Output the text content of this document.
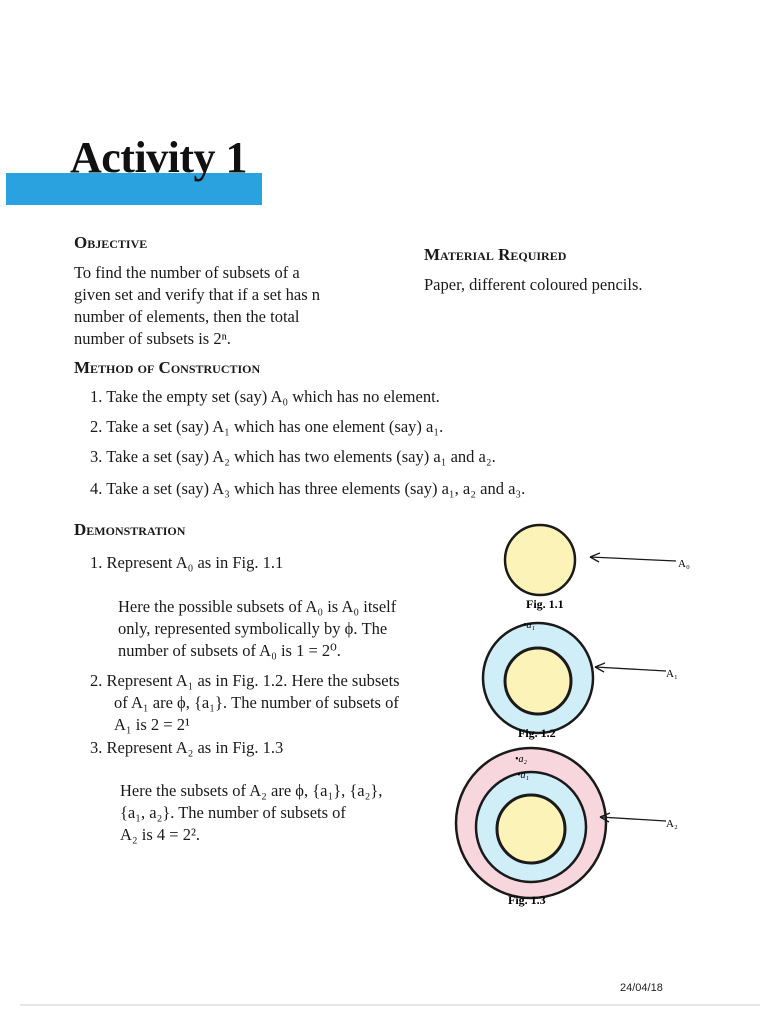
Activity 1
Objective
To find the number of subsets of a
given set and verify that if a set has n
number of elements, then the total
number of subsets is 2ⁿ.
Material Required
Paper, different coloured pencils.
Method of Construction
1. Take the empty set (say) A₀ which has no element.
2. Take a set (say) A₁ which has one element (say) a₁.
3. Take a set (say) A₂ which has two elements (say) a₁ and a₂.
4. Take a set (say) A₃ which has three elements (say) a₁, a₂ and a₃.
Demonstration
1. Represent A₀ as in Fig. 1.1
Here the possible subsets of A₀ is A₀ itself
only, represented symbolically by ϕ. The
number of subsets of A₀ is 1 = 2⁰.
2. Represent A₁ as in Fig. 1.2. Here the subsets
of A₁ are ϕ, {a₁}. The number of subsets of
A₁ is 2 = 2¹
3. Represent A₂ as in Fig. 1.3
Here the subsets of A₂ are ϕ, {a₁}, {a₂},
{a₁, a₂}. The number of subsets of
A₂ is 4 = 2².
A₀
Fig. 1.1
•a₁
A₁
Fig. 1.2
•a₂
•a₁
A₂
Fig. 1.3
24/04/18
